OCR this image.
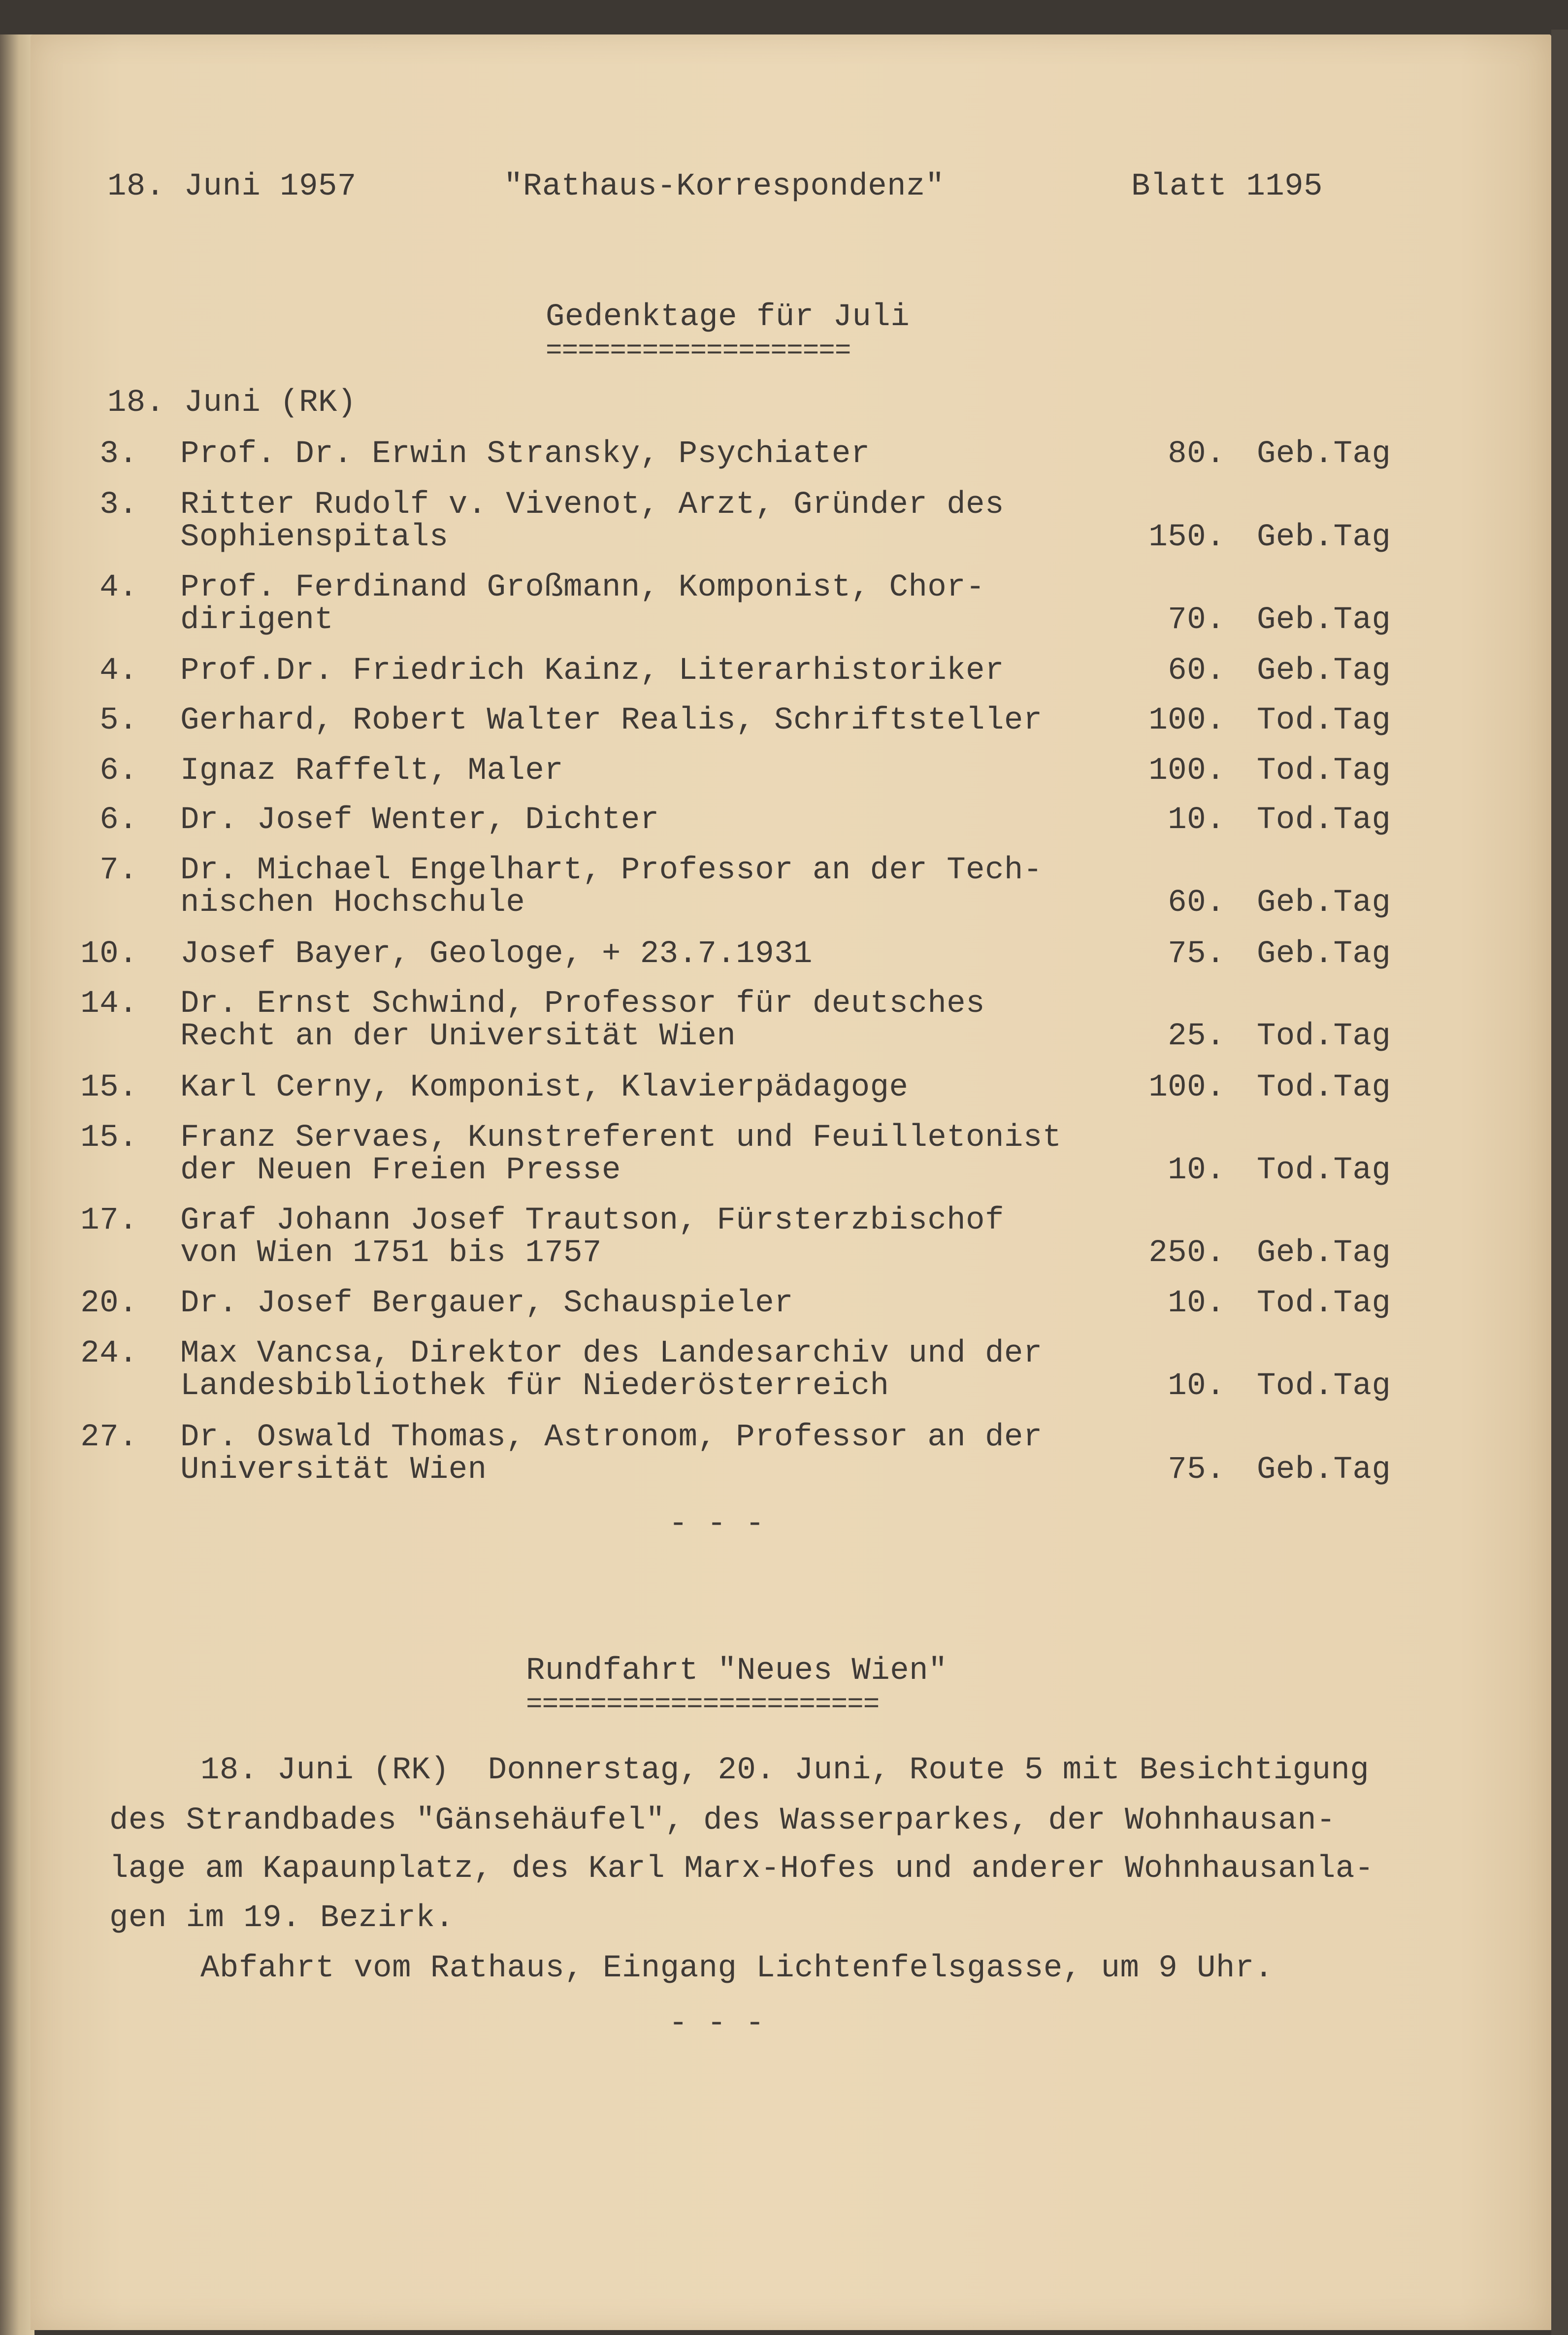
18. Juni 1957	"Rathaus-Korrespondenz"	Blatt 1195
Gedenktage für Juli
===================
18. Juni (RK)
3. Prof. Dr. Erwin Stransky, Psychiater	80. Geb.Tag
3. Ritter Rudolf v. Vivenot, Arzt, Gründer des
Sophienspitals	150. Geb.Tag
4. Prof. Ferdinand Großmann, Komponist, Chor-
dirigent	70. Geb.Tag
4. Prof.Dr. Friedrich Kainz, Literarhistoriker	60. Geb.Tag
5. Gerhard, Robert Walter Realis, Schriftsteller	100. Tod.Tag
6. Ignaz Raffelt, Maler	100. Tod.Tag
6. Dr. Josef Wenter, Dichter	10. Tod.Tag
7. Dr. Michael Engelhart, Professor an der Tech-
nischen Hochschule	60. Geb.Tag
10. Josef Bayer, Geologe, + 23.7.1931	75. Geb.Tag
14. Dr. Ernst Schwind, Professor für deutsches
Recht an der Universität Wien	25. Tod.Tag
15. Karl Cerny, Komponist, Klavierpädagoge	100. Tod.Tag
15. Franz Servaes, Kunstreferent und Feuilletonist
der Neuen Freien Presse	10. Tod.Tag
17. Graf Johann Josef Trautson, Fürsterzbischof
von Wien 1751 bis 1757	250. Geb.Tag
20. Dr. Josef Bergauer, Schauspieler	10. Tod.Tag
24. Max Vancsa, Direktor des Landesarchiv und der
Landesbibliothek für Niederösterreich	10. Tod.Tag
27. Dr. Oswald Thomas, Astronom, Professor an der
Universität Wien	75. Geb.Tag
- - -
Rundfahrt "Neues Wien"
======================
18. Juni (RK)  Donnerstag, 20. Juni, Route 5 mit Besichtigung
des Strandbades "Gänsehäufel", des Wasserparkes, der Wohnhausan-
lage am Kapaunplatz, des Karl Marx-Hofes und anderer Wohnhausanla-
gen im 19. Bezirk.
Abfahrt vom Rathaus, Eingang Lichtenfelsgasse, um 9 Uhr.
- - -
